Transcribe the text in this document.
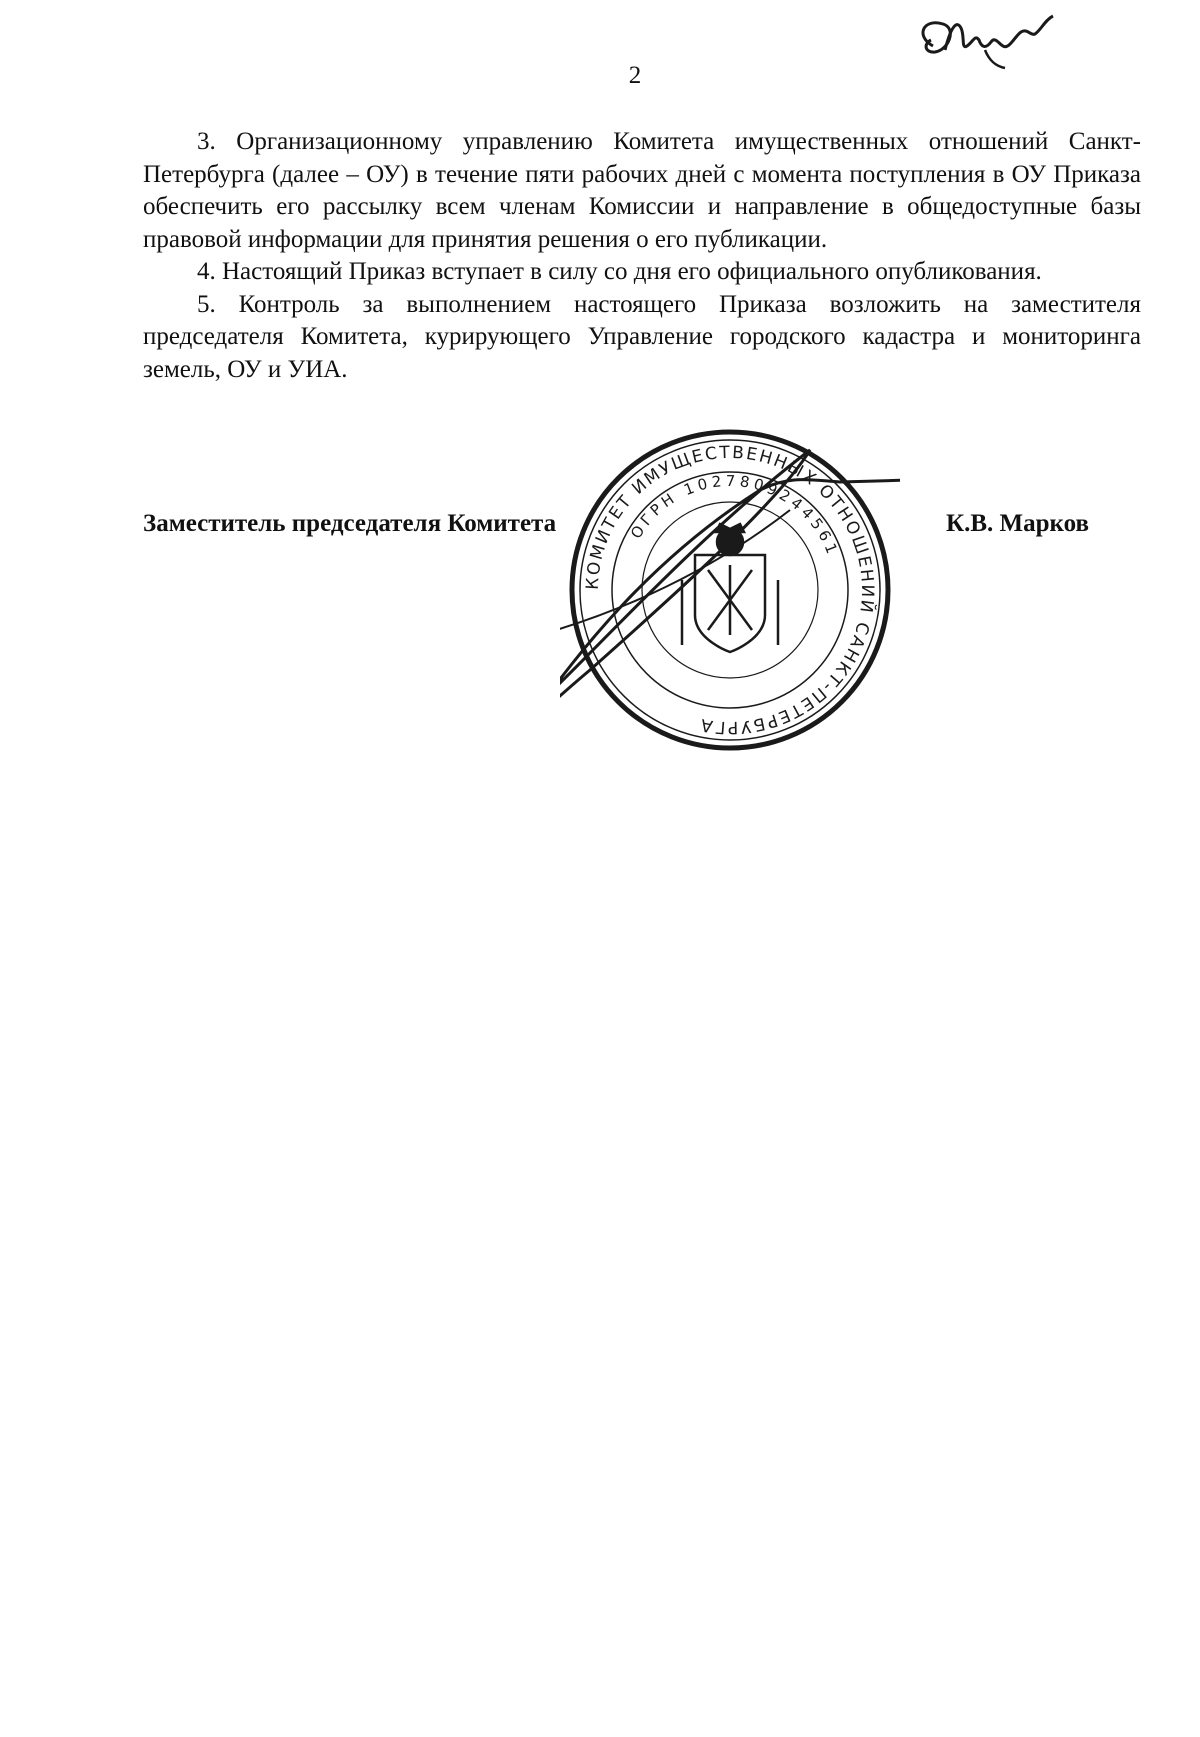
2

3. Организационному управлению Комитета имущественных отношений Санкт-Петербурга (далее – ОУ) в течение пяти рабочих дней с момента поступления в ОУ Приказа обеспечить его рассылку всем членам Комиссии и направление в общедоступные базы правовой информации для принятия решения о его публикации.

4. Настоящий Приказ вступает в силу со дня его официального опубликования.

5. Контроль за выполнением настоящего Приказа возложить на заместителя председателя Комитета, курирующего Управление городского кадастра и мониторинга земель, ОУ и УИА.

Заместитель председателя Комитета	К.В. Марков
КОМИТЕТ ИМУЩЕСТВЕННЫХ ОТНОШЕНИЙ САНКТ-ПЕТЕРБУРГА
ОГРН 1027809244561
